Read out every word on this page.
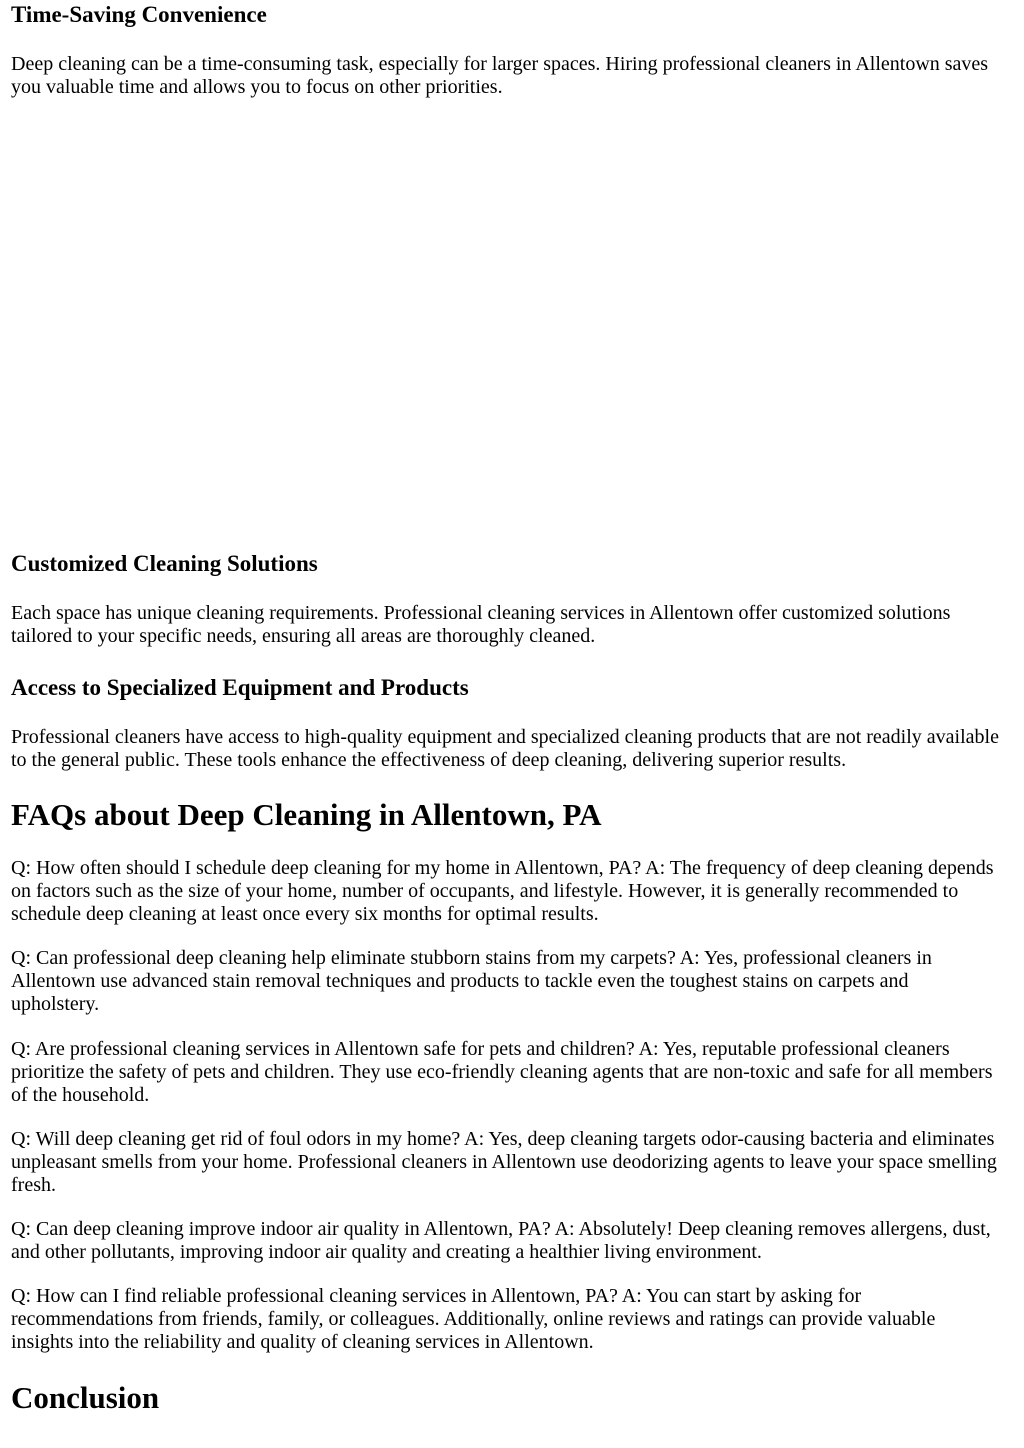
Time-Saving Convenience

Deep cleaning can be a time-consuming task, especially for larger spaces. Hiring professional cleaners in Allentown saves you valuable time and allows you to focus on other priorities.

Customized Cleaning Solutions

Each space has unique cleaning requirements. Professional cleaning services in Allentown offer customized solutions tailored to your specific needs, ensuring all areas are thoroughly cleaned.

Access to Specialized Equipment and Products

Professional cleaners have access to high-quality equipment and specialized cleaning products that are not readily available to the general public. These tools enhance the effectiveness of deep cleaning, delivering superior results.

FAQs about Deep Cleaning in Allentown, PA

Q: How often should I schedule deep cleaning for my home in Allentown, PA? A: The frequency of deep cleaning depends on factors such as the size of your home, number of occupants, and lifestyle. However, it is generally recommended to schedule deep cleaning at least once every six months for optimal results.

Q: Can professional deep cleaning help eliminate stubborn stains from my carpets? A: Yes, professional cleaners in Allentown use advanced stain removal techniques and products to tackle even the toughest stains on carpets and upholstery.

Q: Are professional cleaning services in Allentown safe for pets and children? A: Yes, reputable professional cleaners prioritize the safety of pets and children. They use eco-friendly cleaning agents that are non-toxic and safe for all members of the household.

Q: Will deep cleaning get rid of foul odors in my home? A: Yes, deep cleaning targets odor-causing bacteria and eliminates unpleasant smells from your home. Professional cleaners in Allentown use deodorizing agents to leave your space smelling fresh.

Q: Can deep cleaning improve indoor air quality in Allentown, PA? A: Absolutely! Deep cleaning removes allergens, dust, and other pollutants, improving indoor air quality and creating a healthier living environment.

Q: How can I find reliable professional cleaning services in Allentown, PA? A: You can start by asking for recommendations from friends, family, or colleagues. Additionally, online reviews and ratings can provide valuable insights into the reliability and quality of cleaning services in Allentown.

Conclusion
